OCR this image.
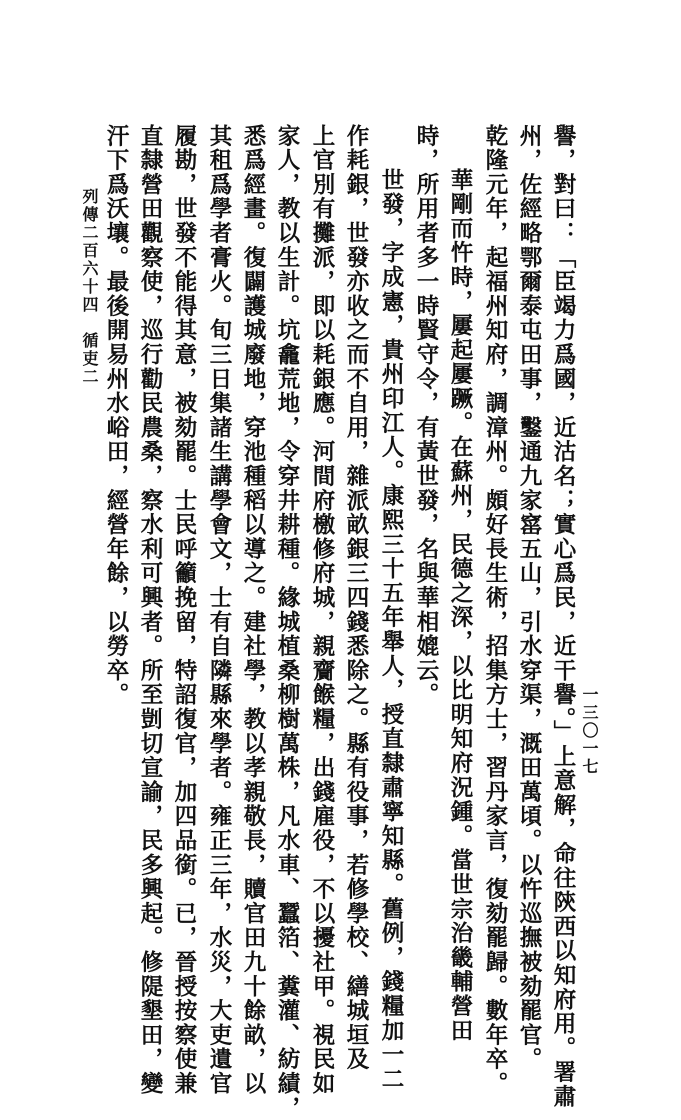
列傳二百六十四　循吏二
一三〇一七
譽，對曰：「臣竭力爲國，近沽名；實心爲民，近干譽。」上意解，命往陝西以知府用。署肅
州，佐經略鄂爾泰屯田事，鑿通九家窰五山，引水穿渠，溉田萬頃。以忤巡撫被劾罷官。
乾隆元年，起福州知府，調漳州。頗好長生術，招集方士，習丹家言，復劾罷歸。數年卒。
華剛而忤時，屢起屢蹶。在蘇州，民德之深，以比明知府況鍾。當世宗治畿輔營田
時，所用者多一時賢守令，有黃世發，名與華相媲云。
世發，字成憲，貴州印江人。康熙三十五年舉人，授直隸肅寧知縣。舊例，錢糧加一二
作耗銀，世發亦收之而不自用，雜派畝銀三四錢悉除之。縣有役事，若修學校、繕城垣及
上官別有攤派，即以耗銀應。河間府檄修府城，親齎餱糧，出錢雇役，不以擾社甲。視民如
家人，教以生計。坑龕荒地，令穿井耕種。緣城植桑柳樹萬株，凡水車、蠶箔、糞灌、紡績，
悉爲經畫。復闢護城廢地，穿池種稻以導之。建社學，教以孝親敬長，贖官田九十餘畝，以
其租爲學者膏火。旬三日集諸生講學會文，士有自隣縣來學者。雍正三年，水災，大吏遺官
履勘，世發不能得其意，被劾罷。士民呼籲挽留，特詔復官，加四品銜。已，晉授按察使兼
直隸營田觀察使，巡行勸民農桑，察水利可興者。所至剴切宣諭，民多興起。修隄墾田，變
汗下爲沃壤。最後開易州水峪田，經營年餘，以勞卒。
